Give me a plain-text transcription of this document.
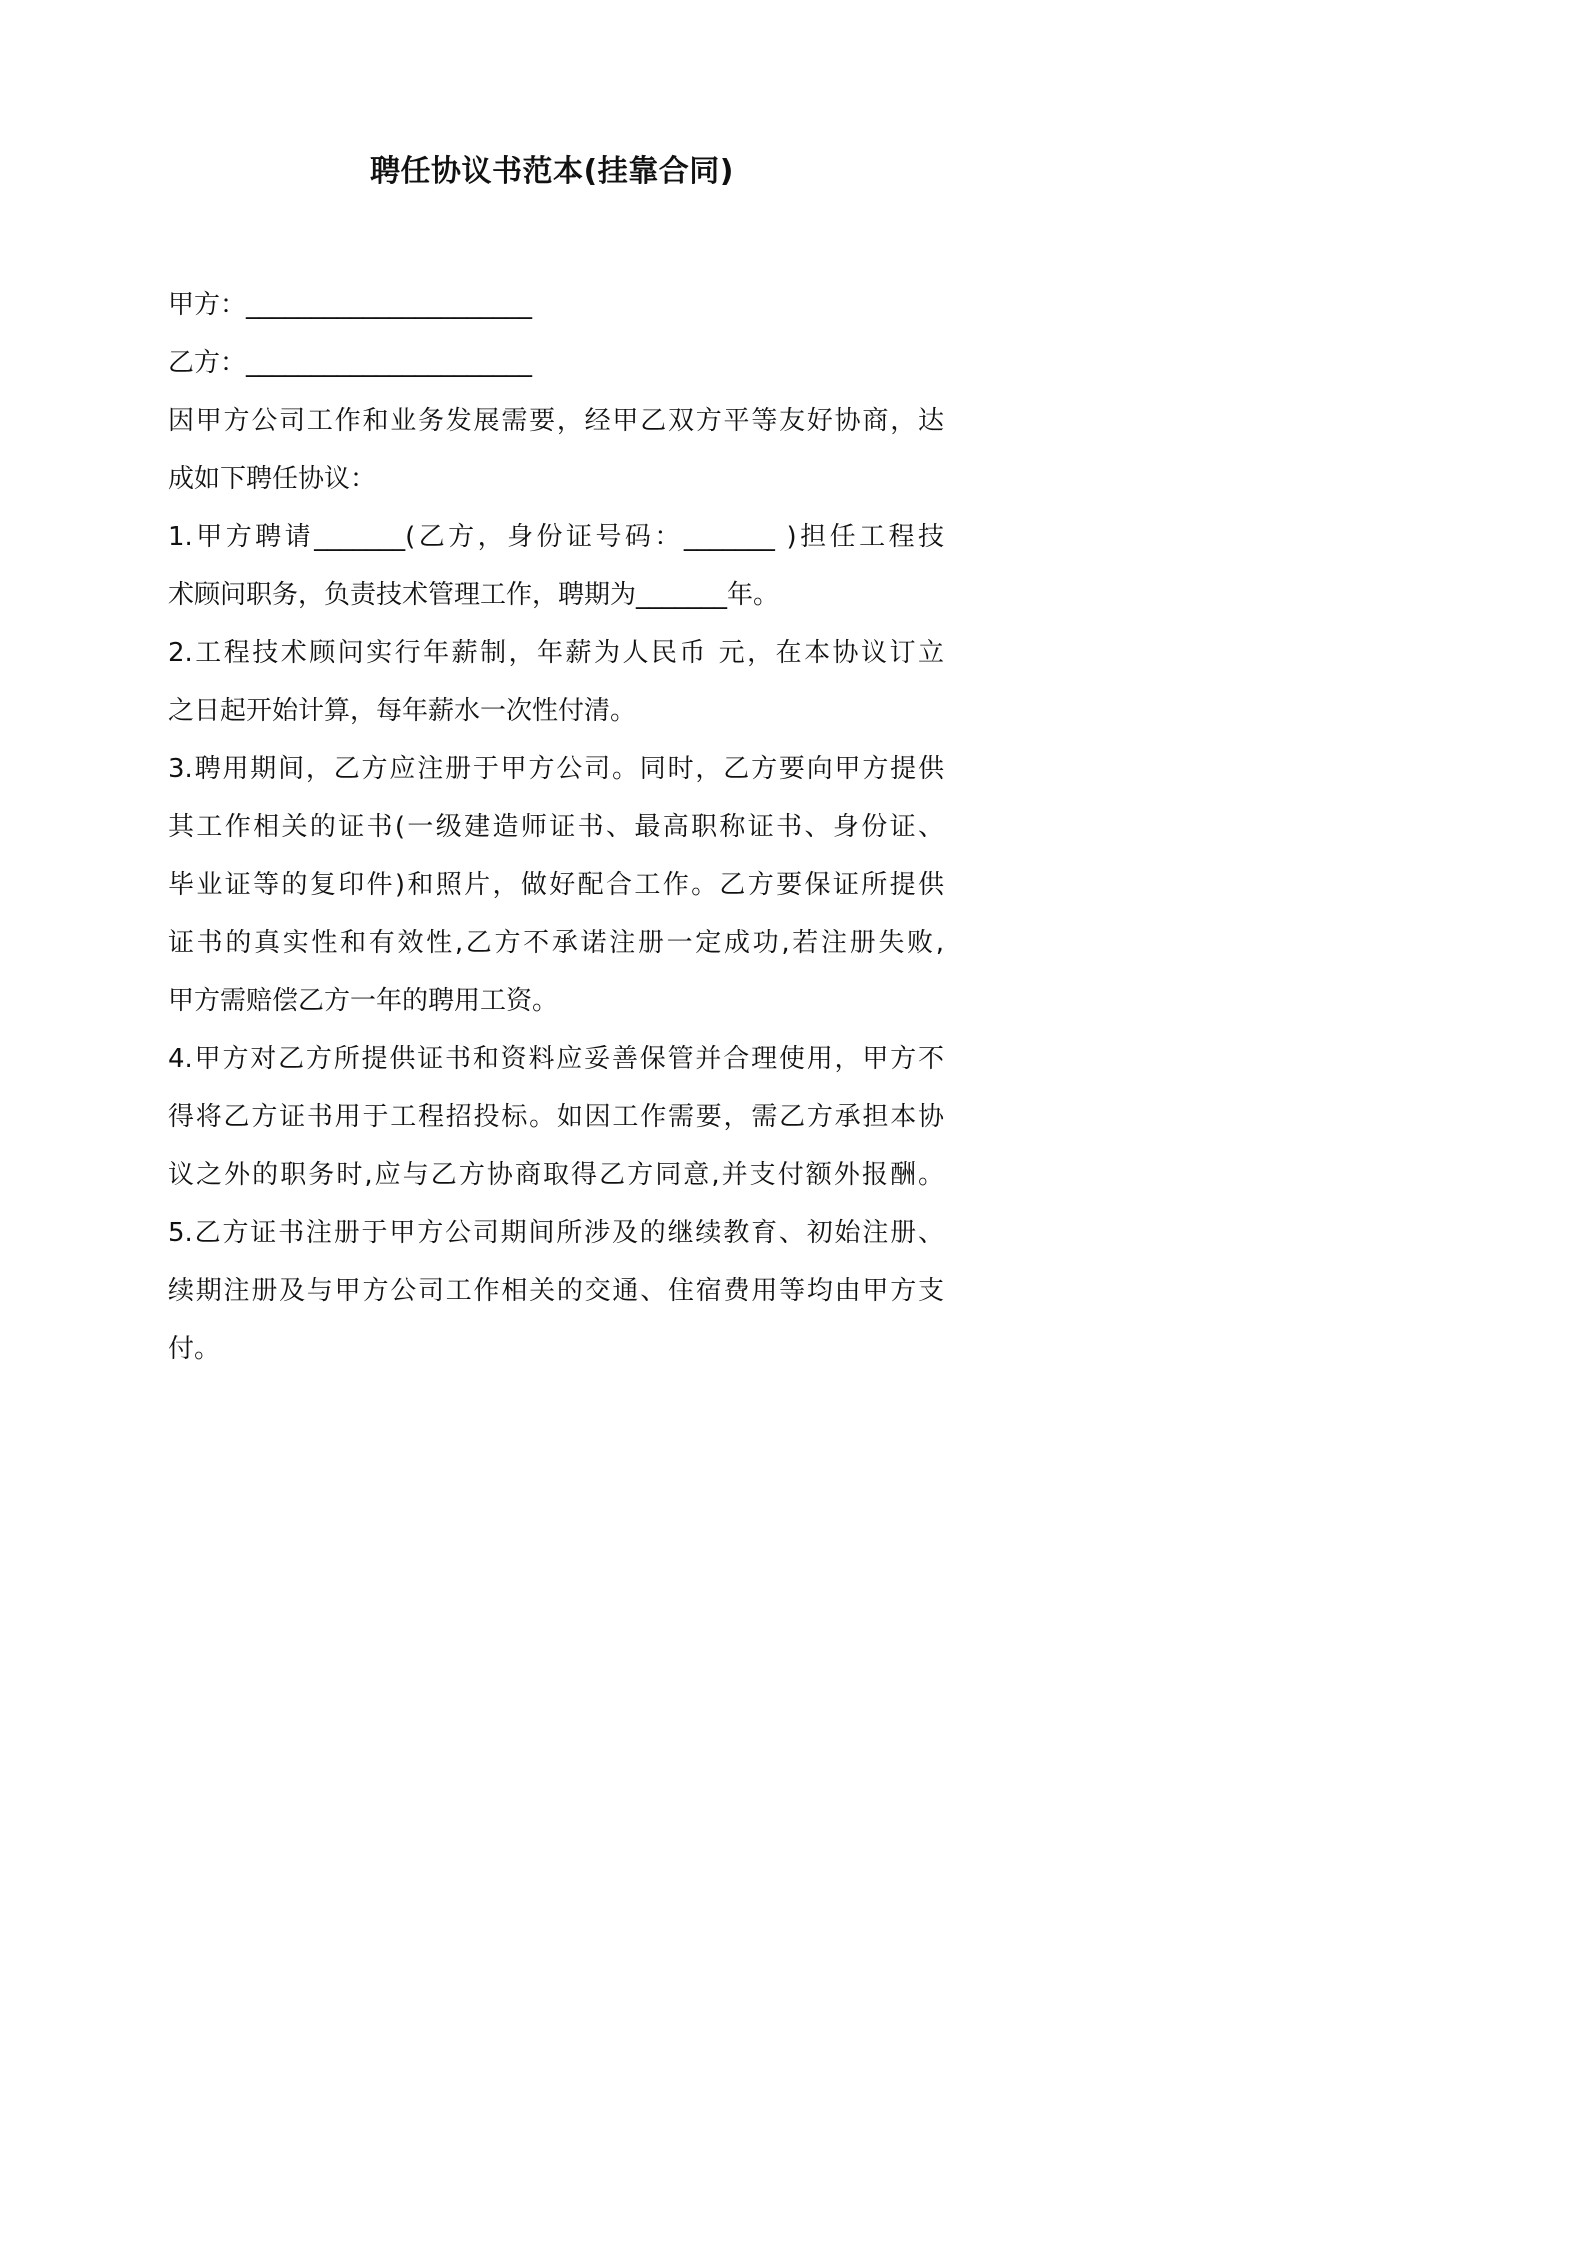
聘任协议书范本(挂靠合同)
甲方：______________________
乙方：______________________
因甲方公司工作和业务发展需要，经甲乙双方平等友好协商，达
成如下聘任协议：
1.甲方聘请_______(乙方，身份证号码：_______ )担任工程技
术顾问职务，负责技术管理工作，聘期为_______年。
2.工程技术顾问实行年薪制，年薪为人民币 元，在本协议订立
之日起开始计算，每年薪水一次性付清。
3.聘用期间，乙方应注册于甲方公司。同时，乙方要向甲方提供
其工作相关的证书(一级建造师证书、最高职称证书、身份证、
毕业证等的复印件)和照片，做好配合工作。乙方要保证所提供
证书的真实性和有效性,乙方不承诺注册一定成功,若注册失败,
甲方需赔偿乙方一年的聘用工资。
4.甲方对乙方所提供证书和资料应妥善保管并合理使用，甲方不
得将乙方证书用于工程招投标。如因工作需要，需乙方承担本协
议之外的职务时,应与乙方协商取得乙方同意,并支付额外报酬。
5.乙方证书注册于甲方公司期间所涉及的继续教育、初始注册、
续期注册及与甲方公司工作相关的交通、住宿费用等均由甲方支
付。
